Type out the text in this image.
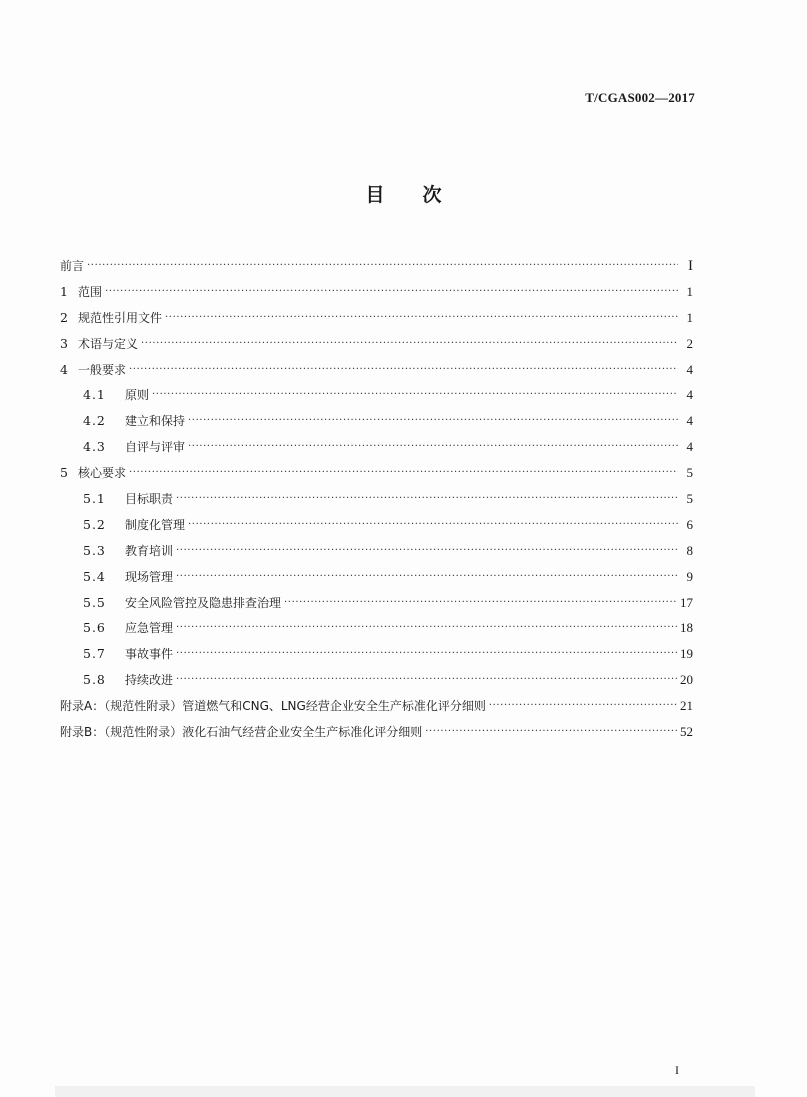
T/CGAS002—2017
目 次
前言 ·····	I
1 范围 ·····	1
2 规范性引用文件 ·····	1
3 术语与定义 ·····	2
4 一般要求 ·····	4
4.1	原则 ·····	4
4.2	建立和保持 ·····	4
4.3	自评与评审 ·····	4
5 核心要求 ·····	5
5.1	目标职责 ·····	5
5.2	制度化管理 ·····	6
5.3	教育培训 ·····	8
5.4	现场管理 ·····	9
5.5	安全风险管控及隐患排查治理 ·····	17
5.6	应急管理 ·····	18
5.7	事故事件 ·····	19
5.8	持续改进 ·····	20
附录A：（规范性附录）管道燃气和CNG、LNG经营企业安全生产标准化评分细则 ·····	21
附录B：（规范性附录）液化石油气经营企业安全生产标准化评分细则 ·····	52
I
